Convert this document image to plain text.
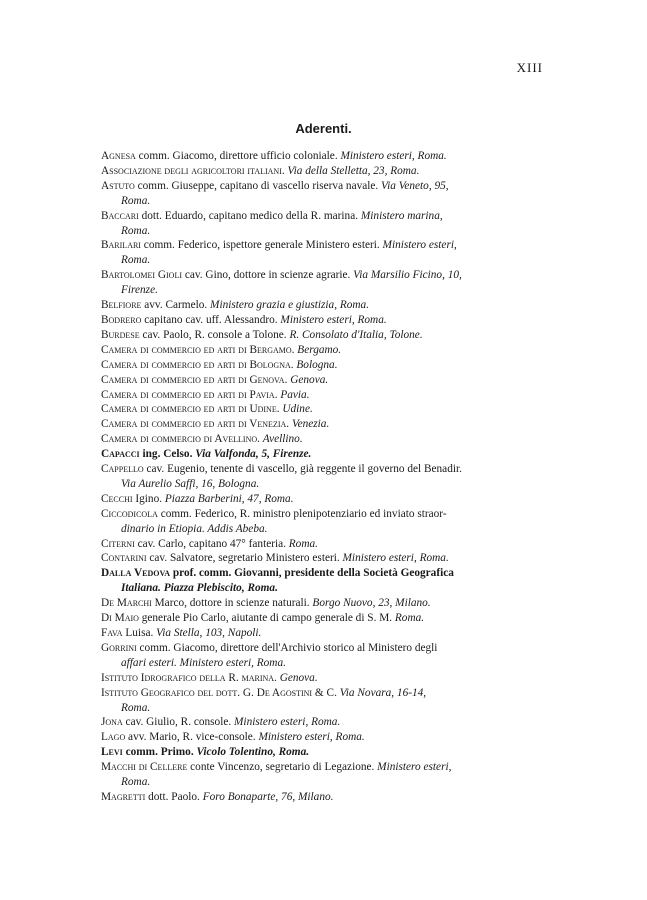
XIII
Aderenti.
Agnesa comm. Giacomo, direttore ufficio coloniale. Ministero esteri, Roma.
Associazione degli agricoltori italiani. Via della Stelletta, 23, Roma.
Astuto comm. Giuseppe, capitano di vascello riserva navale. Via Veneto, 95,
Roma.
Baccari dott. Eduardo, capitano medico della R. marina. Ministero marina,
Roma.
Barilari comm. Federico, ispettore generale Ministero esteri. Ministero esteri,
Roma.
Bartolomei Gioli cav. Gino, dottore in scienze agrarie. Via Marsilio Ficino, 10,
Firenze.
Belfiore avv. Carmelo. Ministero grazia e giustizia, Roma.
Bodrero capitano cav. uff. Alessandro. Ministero esteri, Roma.
Burdese cav. Paolo, R. console a Tolone. R. Consolato d'Italia, Tolone.
Camera di commercio ed arti di Bergamo. Bergamo.
Camera di commercio ed arti di Bologna. Bologna.
Camera di commercio ed arti di Genova. Genova.
Camera di commercio ed arti di Pavia. Pavia.
Camera di commercio ed arti di Udine. Udine.
Camera di commercio ed arti di Venezia. Venezia.
Camera di commercio di Avellino. Avellino.
Capacci ing. Celso. Via Valfonda, 5, Firenze.
Cappello cav. Eugenio, tenente di vascello, già reggente il governo del Benadir.
Via Aurelio Saffi, 16, Bologna.
Cecchi Igino. Piazza Barberini, 47, Roma.
Ciccodicola comm. Federico, R. ministro plenipotenziario ed inviato straor-
dinario in Etiopia. Addis Abeba.
Citerni cav. Carlo, capitano 47° fanteria. Roma.
Contarini cav. Salvatore, segretario Ministero esteri. Ministero esteri, Roma.
Dalla Vedova prof. comm. Giovanni, presidente della Società Geografica
Italiana. Piazza Plebiscito, Roma.
De Marchi Marco, dottore in scienze naturali. Borgo Nuovo, 23, Milano.
Di Maio generale Pio Carlo, aiutante di campo generale di S. M. Roma.
Fava Luisa. Via Stella, 103, Napoli.
Gorrini comm. Giacomo, direttore dell'Archivio storico al Ministero degli
affari esteri. Ministero esteri, Roma.
Istituto Idrografico della R. marina. Genova.
Istituto Geografico del dott. G. De Agostini & C. Via Novara, 16-14,
Roma.
Jona cav. Giulio, R. console. Ministero esteri, Roma.
Lago avv. Mario, R. vice-console. Ministero esteri, Roma.
Levi comm. Primo. Vicolo Tolentino, Roma.
Macchi di Cellere conte Vincenzo, segretario di Legazione. Ministero esteri,
Roma.
Magretti dott. Paolo. Foro Bonaparte, 76, Milano.
